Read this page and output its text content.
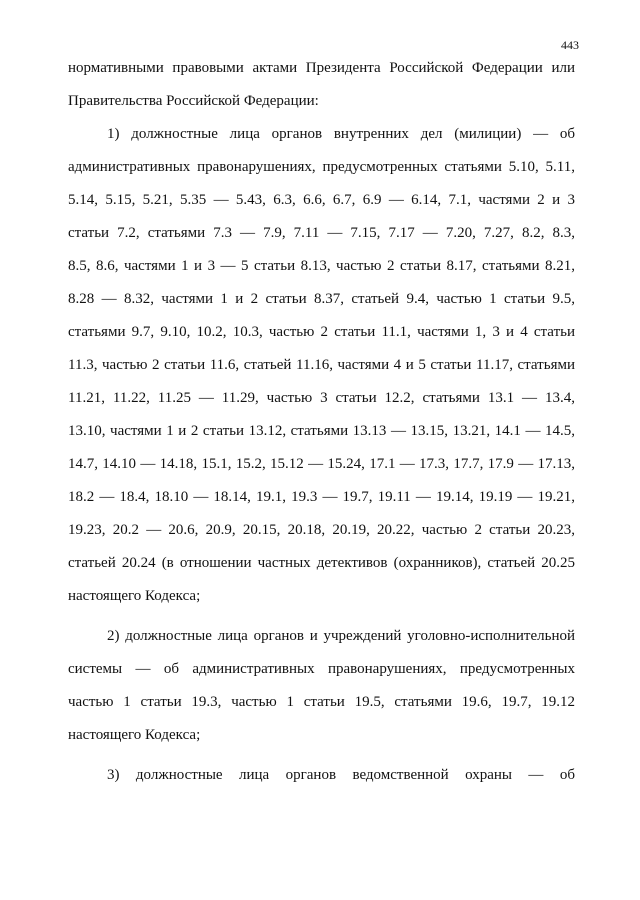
443
нормативными правовыми актами Президента Российской Федерации или
Правительства Российской Федерации:
1) должностные лица органов внутренних дел (милиции) — об
административных правонарушениях, предусмотренных статьями 5.10, 5.11,
5.14, 5.15, 5.21, 5.35 — 5.43, 6.3, 6.6, 6.7, 6.9 — 6.14, 7.1, частями 2 и 3
статьи 7.2, статьями 7.3 — 7.9, 7.11 — 7.15, 7.17 — 7.20, 7.27, 8.2, 8.3,
8.5, 8.6, частями 1 и 3 — 5 статьи 8.13, частью 2 статьи 8.17, статьями 8.21,
8.28 — 8.32, частями 1 и 2 статьи 8.37, статьей 9.4, частью 1 статьи 9.5,
статьями 9.7, 9.10, 10.2, 10.3, частью 2 статьи 11.1, частями 1, 3 и 4 статьи
11.3, частью 2 статьи 11.6, статьей 11.16, частями 4 и 5 статьи 11.17, статьями
11.21, 11.22, 11.25 — 11.29, частью 3 статьи 12.2, статьями 13.1 — 13.4,
13.10, частями 1 и 2 статьи 13.12, статьями 13.13 — 13.15, 13.21, 14.1 — 14.5,
14.7, 14.10 — 14.18, 15.1, 15.2, 15.12 — 15.24, 17.1 — 17.3, 17.7, 17.9 — 17.13,
18.2 — 18.4, 18.10 — 18.14, 19.1, 19.3 — 19.7, 19.11 — 19.14, 19.19 — 19.21,
19.23, 20.2 — 20.6, 20.9, 20.15, 20.18, 20.19, 20.22, частью 2 статьи 20.23,
статьей 20.24 (в отношении частных детективов (охранников), статьей 20.25
настоящего Кодекса;
2) должностные лица органов и учреждений уголовно-исполнительной
системы — об административных правонарушениях, предусмотренных
частью 1 статьи 19.3, частью 1 статьи 19.5, статьями 19.6, 19.7, 19.12
настоящего Кодекса;
3) должностные лица органов ведомственной охраны — об
